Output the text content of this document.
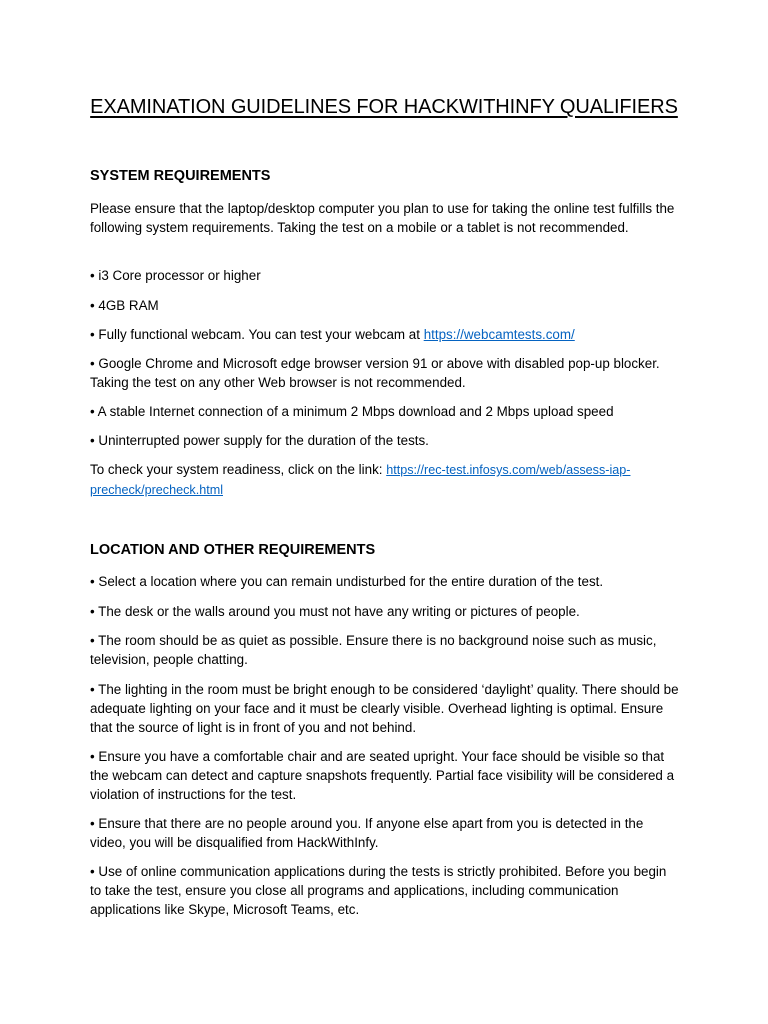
EXAMINATION GUIDELINES FOR HACKWITHINFY QUALIFIERS
SYSTEM REQUIREMENTS

Please ensure that the laptop/desktop computer you plan to use for taking the online test fulfills the following system requirements. Taking the test on a mobile or a tablet is not recommended.

• i3 Core processor or higher

• 4GB RAM

• Fully functional webcam. You can test your webcam at https://webcamtests.com/

• Google Chrome and Microsoft edge browser version 91 or above with disabled pop-up blocker. Taking the test on any other Web browser is not recommended.

• A stable Internet connection of a minimum 2 Mbps download and 2 Mbps upload speed

• Uninterrupted power supply for the duration of the tests.

To check your system readiness, click on the link: https://rec-test.infosys.com/web/assess-iap-precheck/precheck.html

LOCATION AND OTHER REQUIREMENTS

• Select a location where you can remain undisturbed for the entire duration of the test.

• The desk or the walls around you must not have any writing or pictures of people.

• The room should be as quiet as possible. Ensure there is no background noise such as music, television, people chatting.

• The lighting in the room must be bright enough to be considered ‘daylight’ quality. There should be adequate lighting on your face and it must be clearly visible. Overhead lighting is optimal. Ensure that the source of light is in front of you and not behind.

• Ensure you have a comfortable chair and are seated upright. Your face should be visible so that the webcam can detect and capture snapshots frequently. Partial face visibility will be considered a violation of instructions for the test.

• Ensure that there are no people around you. If anyone else apart from you is detected in the video, you will be disqualified from HackWithInfy.

• Use of online communication applications during the tests is strictly prohibited. Before you begin to take the test, ensure you close all programs and applications, including communication applications like Skype, Microsoft Teams, etc.
